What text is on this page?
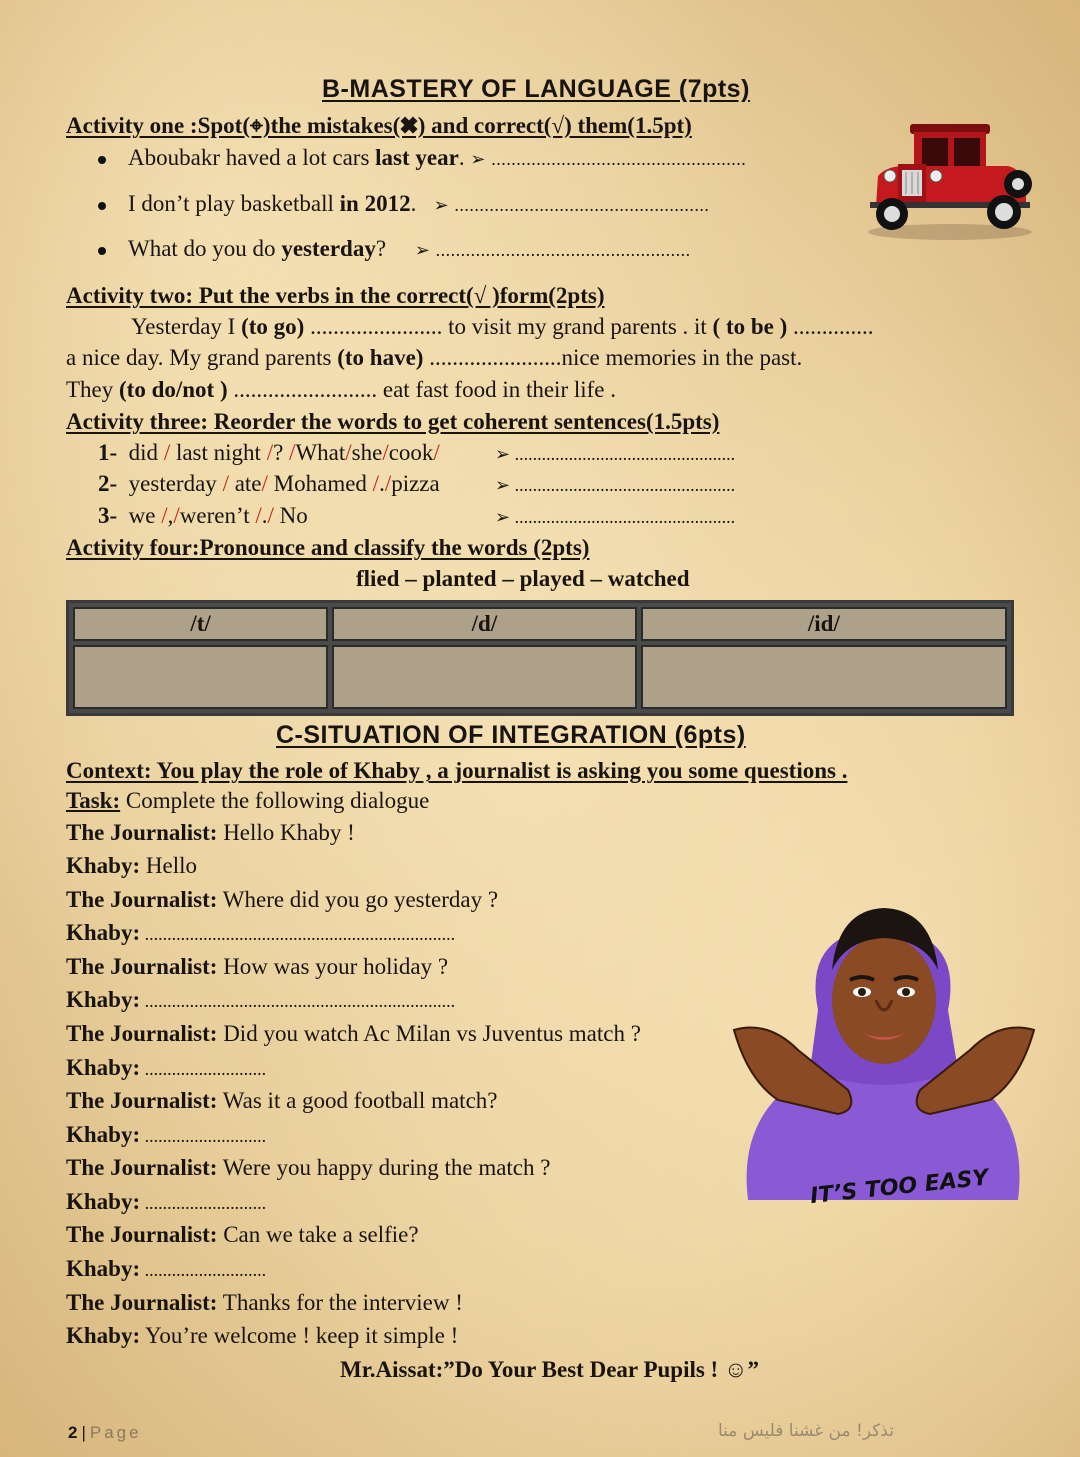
B-MASTERY OF LANGUAGE (7pts)
Activity one :Spot(⌖)the mistakes(✖) and correct(√) them(1.5pt)
Aboubakr haved a lot cars last year. ➢ ...................................................
I don’t play basketball in 2012. ➢ ...................................................
What do you do yesterday? ➢ ...................................................
Activity two: Put the verbs in the correct(√ )form(2pts)
Yesterday I (to go) ....................... to visit my grand parents . it ( to be ) ..............
a nice day. My grand parents (to have) .......................nice memories in the past.
They (to do/not ) ......................... eat fast food in their life .
Activity three: Reorder the words to get coherent sentences(1.5pts)
1- did / last night /? /What/she/cook/	➢ .................................................
2- yesterday / ate/ Mohamed /./pizza	➢ .................................................
3- we /,/weren’t /./ No	➢ .................................................
Activity four:Pronounce and classify the words (2pts)
flied – planted – played – watched
/t/	/d/	/id/

C-SITUATION OF INTEGRATION (6pts)
Context: You play the role of Khaby , a journalist is asking you some questions .
Task: Complete the following dialogue
The Journalist: Hello Khaby !
Khaby: Hello
The Journalist: Where did you go yesterday ?
Khaby: .....................................................................
The Journalist: How was your holiday ?
Khaby: .....................................................................
The Journalist: Did you watch Ac Milan vs Juventus match ?
Khaby: ...........................
The Journalist: Was it a good football match?
Khaby: ...........................
The Journalist: Were you happy during the match ?
Khaby: ...........................
The Journalist: Can we take a selfie?
Khaby: ...........................
The Journalist: Thanks for the interview !
Khaby: You’re welcome ! keep it simple !
IT’S TOO EASY
Mr.Aissat:”Do Your Best Dear Pupils ! ☺”
2 | Page	تذكر! من غشنا فليس منا
